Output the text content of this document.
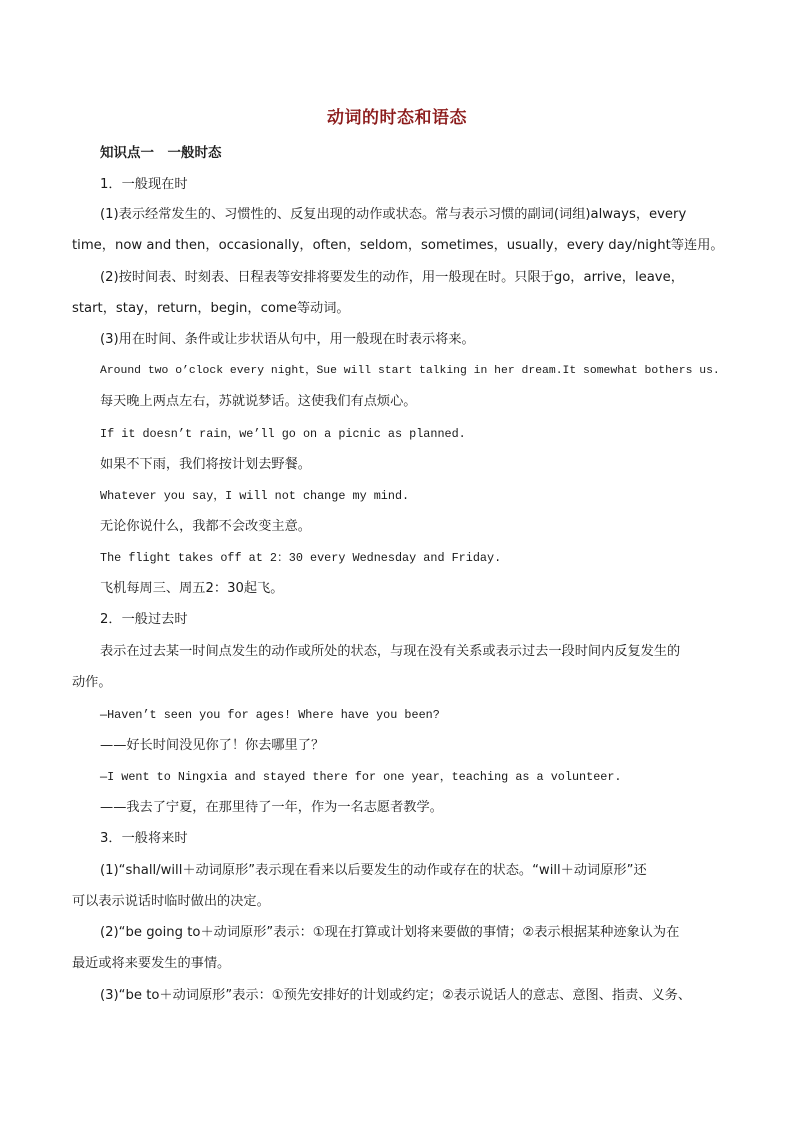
动词的时态和语态
知识点一　一般时态
1．一般现在时
(1)表示经常发生的、习惯性的、反复出现的动作或状态。常与表示习惯的副词(词组)always，every
time，now and then，occasionally，often，seldom，sometimes，usually，every day/night等连用。
(2)按时间表、时刻表、日程表等安排将要发生的动作，用一般现在时。只限于go，arrive，leave，
start，stay，return，begin，come等动词。
(3)用在时间、条件或让步状语从句中，用一般现在时表示将来。
Around two o’clock every night，Sue will start talking in her dream.It somewhat bothers us.
每天晚上两点左右，苏就说梦话。这使我们有点烦心。
If it doesn’t rain，we’ll go on a picnic as planned.
如果不下雨，我们将按计划去野餐。
Whatever you say，I will not change my mind.
无论你说什么，我都不会改变主意。
The flight takes off at 2：30 every Wednesday and Friday.
飞机每周三、周五2：30起飞。
2．一般过去时
表示在过去某一时间点发生的动作或所处的状态，与现在没有关系或表示过去一段时间内反复发生的
动作。
—Haven’t seen you for ages! Where have you been?
——好长时间没见你了！你去哪里了？
—I went to Ningxia and stayed there for one year，teaching as a volunteer.
——我去了宁夏，在那里待了一年，作为一名志愿者教学。
3．一般将来时
(1)“shall/will＋动词原形”表示现在看来以后要发生的动作或存在的状态。“will＋动词原形”还
可以表示说话时临时做出的决定。
(2)“be going to＋动词原形”表示：①现在打算或计划将来要做的事情；②表示根据某种迹象认为在
最近或将来要发生的事情。
(3)“be to＋动词原形”表示：①预先安排好的计划或约定；②表示说话人的意志、意图、指责、义务、
